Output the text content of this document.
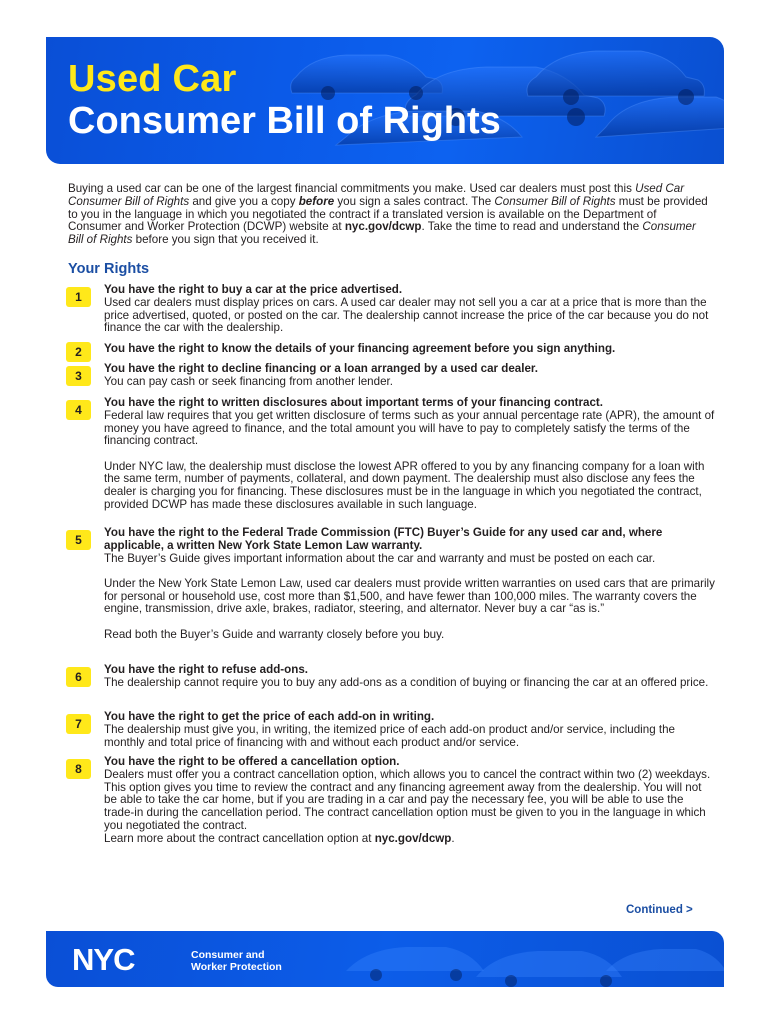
Used Car
Consumer Bill of Rights

Buying a used car can be one of the largest financial commitments you make. Used car dealers must post this Used Car Consumer Bill of Rights and give you a copy before you sign a sales contract. The Consumer Bill of Rights must be provided to you in the language in which you negotiated the contract if a translated version is available on the Department of Consumer and Worker Protection (DCWP) website at nyc.gov/dcwp. Take the time to read and understand the Consumer Bill of Rights before you sign that you received it.

Your Rights
1
You have the right to buy a car at the price advertised.
Used car dealers must display prices on cars. A used car dealer may not sell you a car at a price that is more than the price advertised, quoted, or posted on the car. The dealership cannot increase the price of the car because you do not finance the car with the dealership.
2	You have the right to know the details of your financing agreement before you sign anything.
3
You have the right to decline financing or a loan arranged by a used car dealer.
You can pay cash or seek financing from another lender.
4
You have the right to written disclosures about important terms of your financing contract.
Federal law requires that you get written disclosure of terms such as your annual percentage rate (APR), the amount of money you have agreed to finance, and the total amount you will have to pay to completely satisfy the terms of the financing contract.
Under NYC law, the dealership must disclose the lowest APR offered to you by any financing company for a loan with the same term, number of payments, collateral, and down payment. The dealership must also disclose any fees the dealer is charging you for financing. These disclosures must be in the language in which you negotiated the contract, provided DCWP has made these disclosures available in such language.
5
You have the right to the Federal Trade Commission (FTC) Buyer’s Guide for any used car and, where applicable, a written New York State Lemon Law warranty.
The Buyer’s Guide gives important information about the car and warranty and must be posted on each car.
Under the New York State Lemon Law, used car dealers must provide written warranties on used cars that are primarily for personal or household use, cost more than $1,500, and have fewer than 100,000 miles. The warranty covers the engine, transmission, drive axle, brakes, radiator, steering, and alternator. Never buy a car “as is.”
Read both the Buyer’s Guide and warranty closely before you buy.
6
You have the right to refuse add-ons.
The dealership cannot require you to buy any add-ons as a condition of buying or financing the car at an offered price.
7
You have the right to get the price of each add-on in writing.
The dealership must give you, in writing, the itemized price of each add-on product and/or service, including the monthly and total price of financing with and without each product and/or service.
8
You have the right to be offered a cancellation option.
Dealers must offer you a contract cancellation option, which allows you to cancel the contract within two (2) weekdays. This option gives you time to review the contract and any financing agreement away from the dealership. You will not be able to take the car home, but if you are trading in a car and pay the necessary fee, you will be able to use the trade-in during the cancellation period. The contract cancellation option must be given to you in the language in which you negotiated the contract.
Learn more about the contract cancellation option at nyc.gov/dcwp.
Continued >
NYC	Consumer and
Worker Protection
